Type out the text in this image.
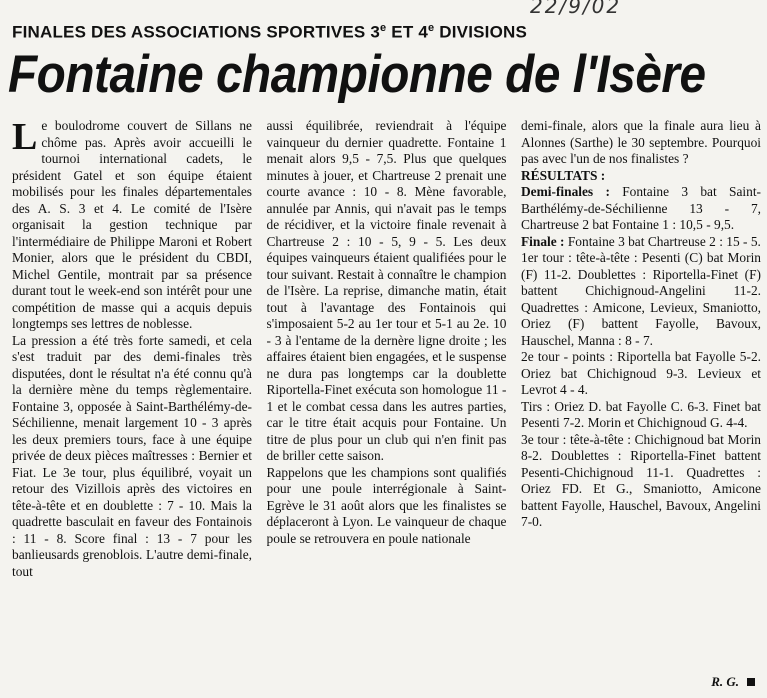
22/9/02
FINALES DES ASSOCIATIONS SPORTIVES 3e ET 4e DIVISIONS
Fontaine championne de l'Isère

Le boulodrome couvert de Sillans ne chôme pas. Après avoir accueilli le tournoi international cadets, le président Gatel et son équipe étaient mobilisés pour les finales départementales des A. S. 3 et 4. Le comité de l'Isère organisait la gestion technique par l'intermédiaire de Philippe Maroni et Robert Monier, alors que le président du CBDI, Michel Gentile, montrait par sa présence durant tout le week-end son intérêt pour une compétition de masse qui a acquis depuis longtemps ses lettres de noblesse.

La pression a été très forte samedi, et cela s'est traduit par des demi-finales très disputées, dont le résultat n'a été connu qu'à la dernière mène du temps règlementaire. Fontaine 3, opposée à Saint-Barthélémy-de-Séchilienne, menait largement 10 - 3 après les deux premiers tours, face à une équipe privée de deux pièces maîtresses : Bernier et Fiat. Le 3e tour, plus équilibré, voyait un retour des Vizillois après des victoires en tête-à-tête et en doublette : 7 - 10. Mais la quadrette basculait en faveur des Fontainois : 11 - 8. Score final : 13 - 7 pour les banlieusards grenoblois. L'autre demi-finale, tout

aussi équilibrée, reviendrait à l'équipe vainqueur du dernier quadrette. Fontaine 1 menait alors 9,5 - 7,5. Plus que quelques minutes à jouer, et Chartreuse 2 prenait une courte avance : 10 - 8. Mène favorable, annulée par Annis, qui n'avait pas le temps de récidiver, et la victoire finale revenait à Chartreuse 2 : 10 - 5, 9 - 5. Les deux équipes vainqueurs étaient qualifiées pour le tour suivant. Restait à connaître le champion de l'Isère. La reprise, dimanche matin, était tout à l'avantage des Fontainois qui s'imposaient 5-2 au 1er tour et 5-1 au 2e. 10 - 3 à l'entame de la dernère ligne droite ; les affaires étaient bien engagées, et le suspense ne dura pas longtemps car la doublette Riportella-Finet exécuta son homologue 11 - 1 et le combat cessa dans les autres parties, car le titre était acquis pour Fontaine. Un titre de plus pour un club qui n'en finit pas de briller cette saison.

Rappelons que les champions sont qualifiés pour une poule interrégionale à Saint-Egrève le 31 août alors que les finalistes se déplaceront à Lyon. Le vainqueur de chaque poule se retrouvera en poule nationale

demi-finale, alors que la finale aura lieu à Alonnes (Sarthe) le 30 septembre. Pourquoi pas avec l'un de nos finalistes ?

RÉSULTATS :

Demi-finales : Fontaine 3 bat Saint-Barthélémy-de-Séchilienne 13 - 7, Chartreuse 2 bat Fontaine 1 : 10,5 - 9,5.

Finale : Fontaine 3 bat Chartreuse 2 : 15 - 5.

1er tour : tête-à-tête : Pesenti (C) bat Morin (F) 11-2. Doublettes : Riportella-Finet (F) battent Chichignoud-Angelini 11-2. Quadrettes : Amicone, Levieux, Smaniotto, Oriez (F) battent Fayolle, Bavoux, Hauschel, Manna : 8 - 7.

2e tour - points : Riportella bat Fayolle 5-2. Oriez bat Chichignoud 9-3. Levieux et Levrot 4 - 4.

Tirs : Oriez D. bat Fayolle C. 6-3. Finet bat Pesenti 7-2. Morin et Chichignoud G. 4-4.

3e tour : tête-à-tête : Chichignoud bat Morin 8-2. Doublettes : Riportella-Finet battent Pesenti-Chichignoud 11-1. Quadrettes : Oriez FD. Et G., Smaniotto, Amicone battent Fayolle, Hauschel, Bavoux, Angelini 7-0.

R. G.
